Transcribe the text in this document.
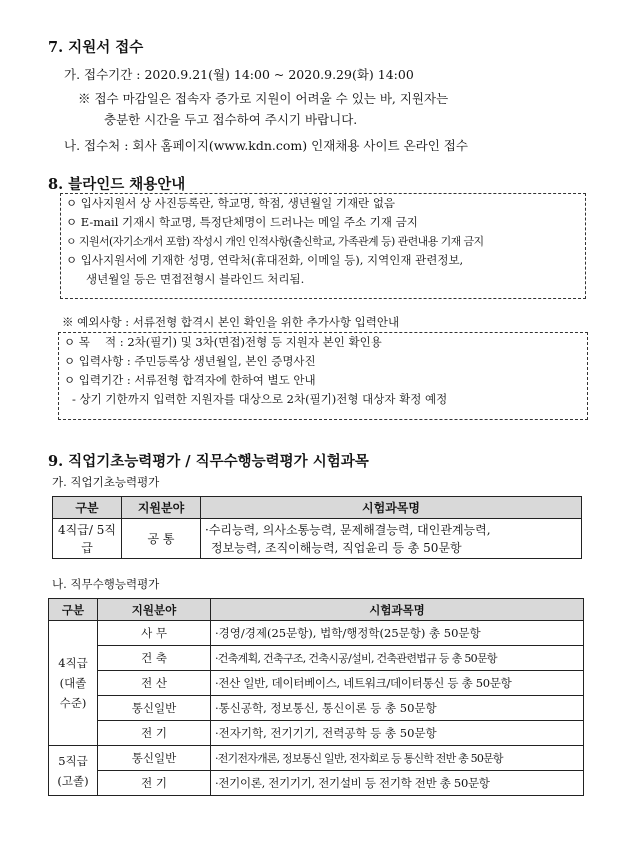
7. 지원서 접수
가. 접수기간 : 2020.9.21(월) 14:00 ~ 2020.9.29(화) 14:00
※ 접수 마감일은 접속자 증가로 지원이 어려울 수 있는 바, 지원자는
충분한 시간을 두고 접수하여 주시기 바랍니다.
나. 접수처 : 회사 홈페이지(www.kdn.com) 인재채용 사이트 온라인 접수
8. 블라인드 채용안내
ㅇ 입사지원서 상 사진등록란, 학교명, 학점, 생년월일 기재란 없음
ㅇ E-mail 기재시 학교명, 특정단체명이 드러나는 메일 주소 기재 금지
ㅇ 지원서(자기소개서 포함) 작성시 개인 인적사항(출신학교, 가족관계 등) 관련내용 기재 금지
ㅇ 입사지원서에 기재한 성명, 연락처(휴대전화, 이메일 등), 지역인재 관련정보,
생년월일 등은 면접전형시 블라인드 처리됨.
※ 예외사항 : 서류전형 합격시 본인 확인을 위한 추가사항 입력안내
ㅇ 목　 적 : 2차(필기) 및 3차(면접)전형 등 지원자 본인 확인용
ㅇ 입력사항 : 주민등록상 생년월일, 본인 증명사진
ㅇ 입력기간 : 서류전형 합격자에 한하여 별도 안내
- 상기 기한까지 입력한 지원자를 대상으로 2차(필기)전형 대상자 확정 예정
9. 직업기초능력평가 / 직무수행능력평가 시험과목
가. 직업기초능력평가
구분	지원분야	시험과목명
4직급/ 5직급	공 통	·수리능력, 의사소통능력, 문제해결능력, 대인관계능력,
정보능력, 조직이해능력, 직업윤리 등 총 50문항
나. 직무수행능력평가
구분	지원분야	시험과목명
4직급 (대졸 수준)	사 무	·경영/경제(25문항), 법학/행정학(25문항) 총 50문항
	건 축	·건축계획, 건축구조, 건축시공/설비, 건축관련법규 등 총 50문항
	전 산	·전산 일반, 데이터베이스, 네트워크/데이터통신 등 총 50문항
	통신일반	·통신공학, 정보통신, 통신이론 등 총 50문항
	전 기	·전자기학, 전기기기, 전력공학 등 총 50문항
5직급 (고졸)	통신일반	·전기전자개론, 정보통신 일반, 전자회로 등 통신학 전반 총 50문항
	전 기	·전기이론, 전기기기, 전기설비 등 전기학 전반 총 50문항
